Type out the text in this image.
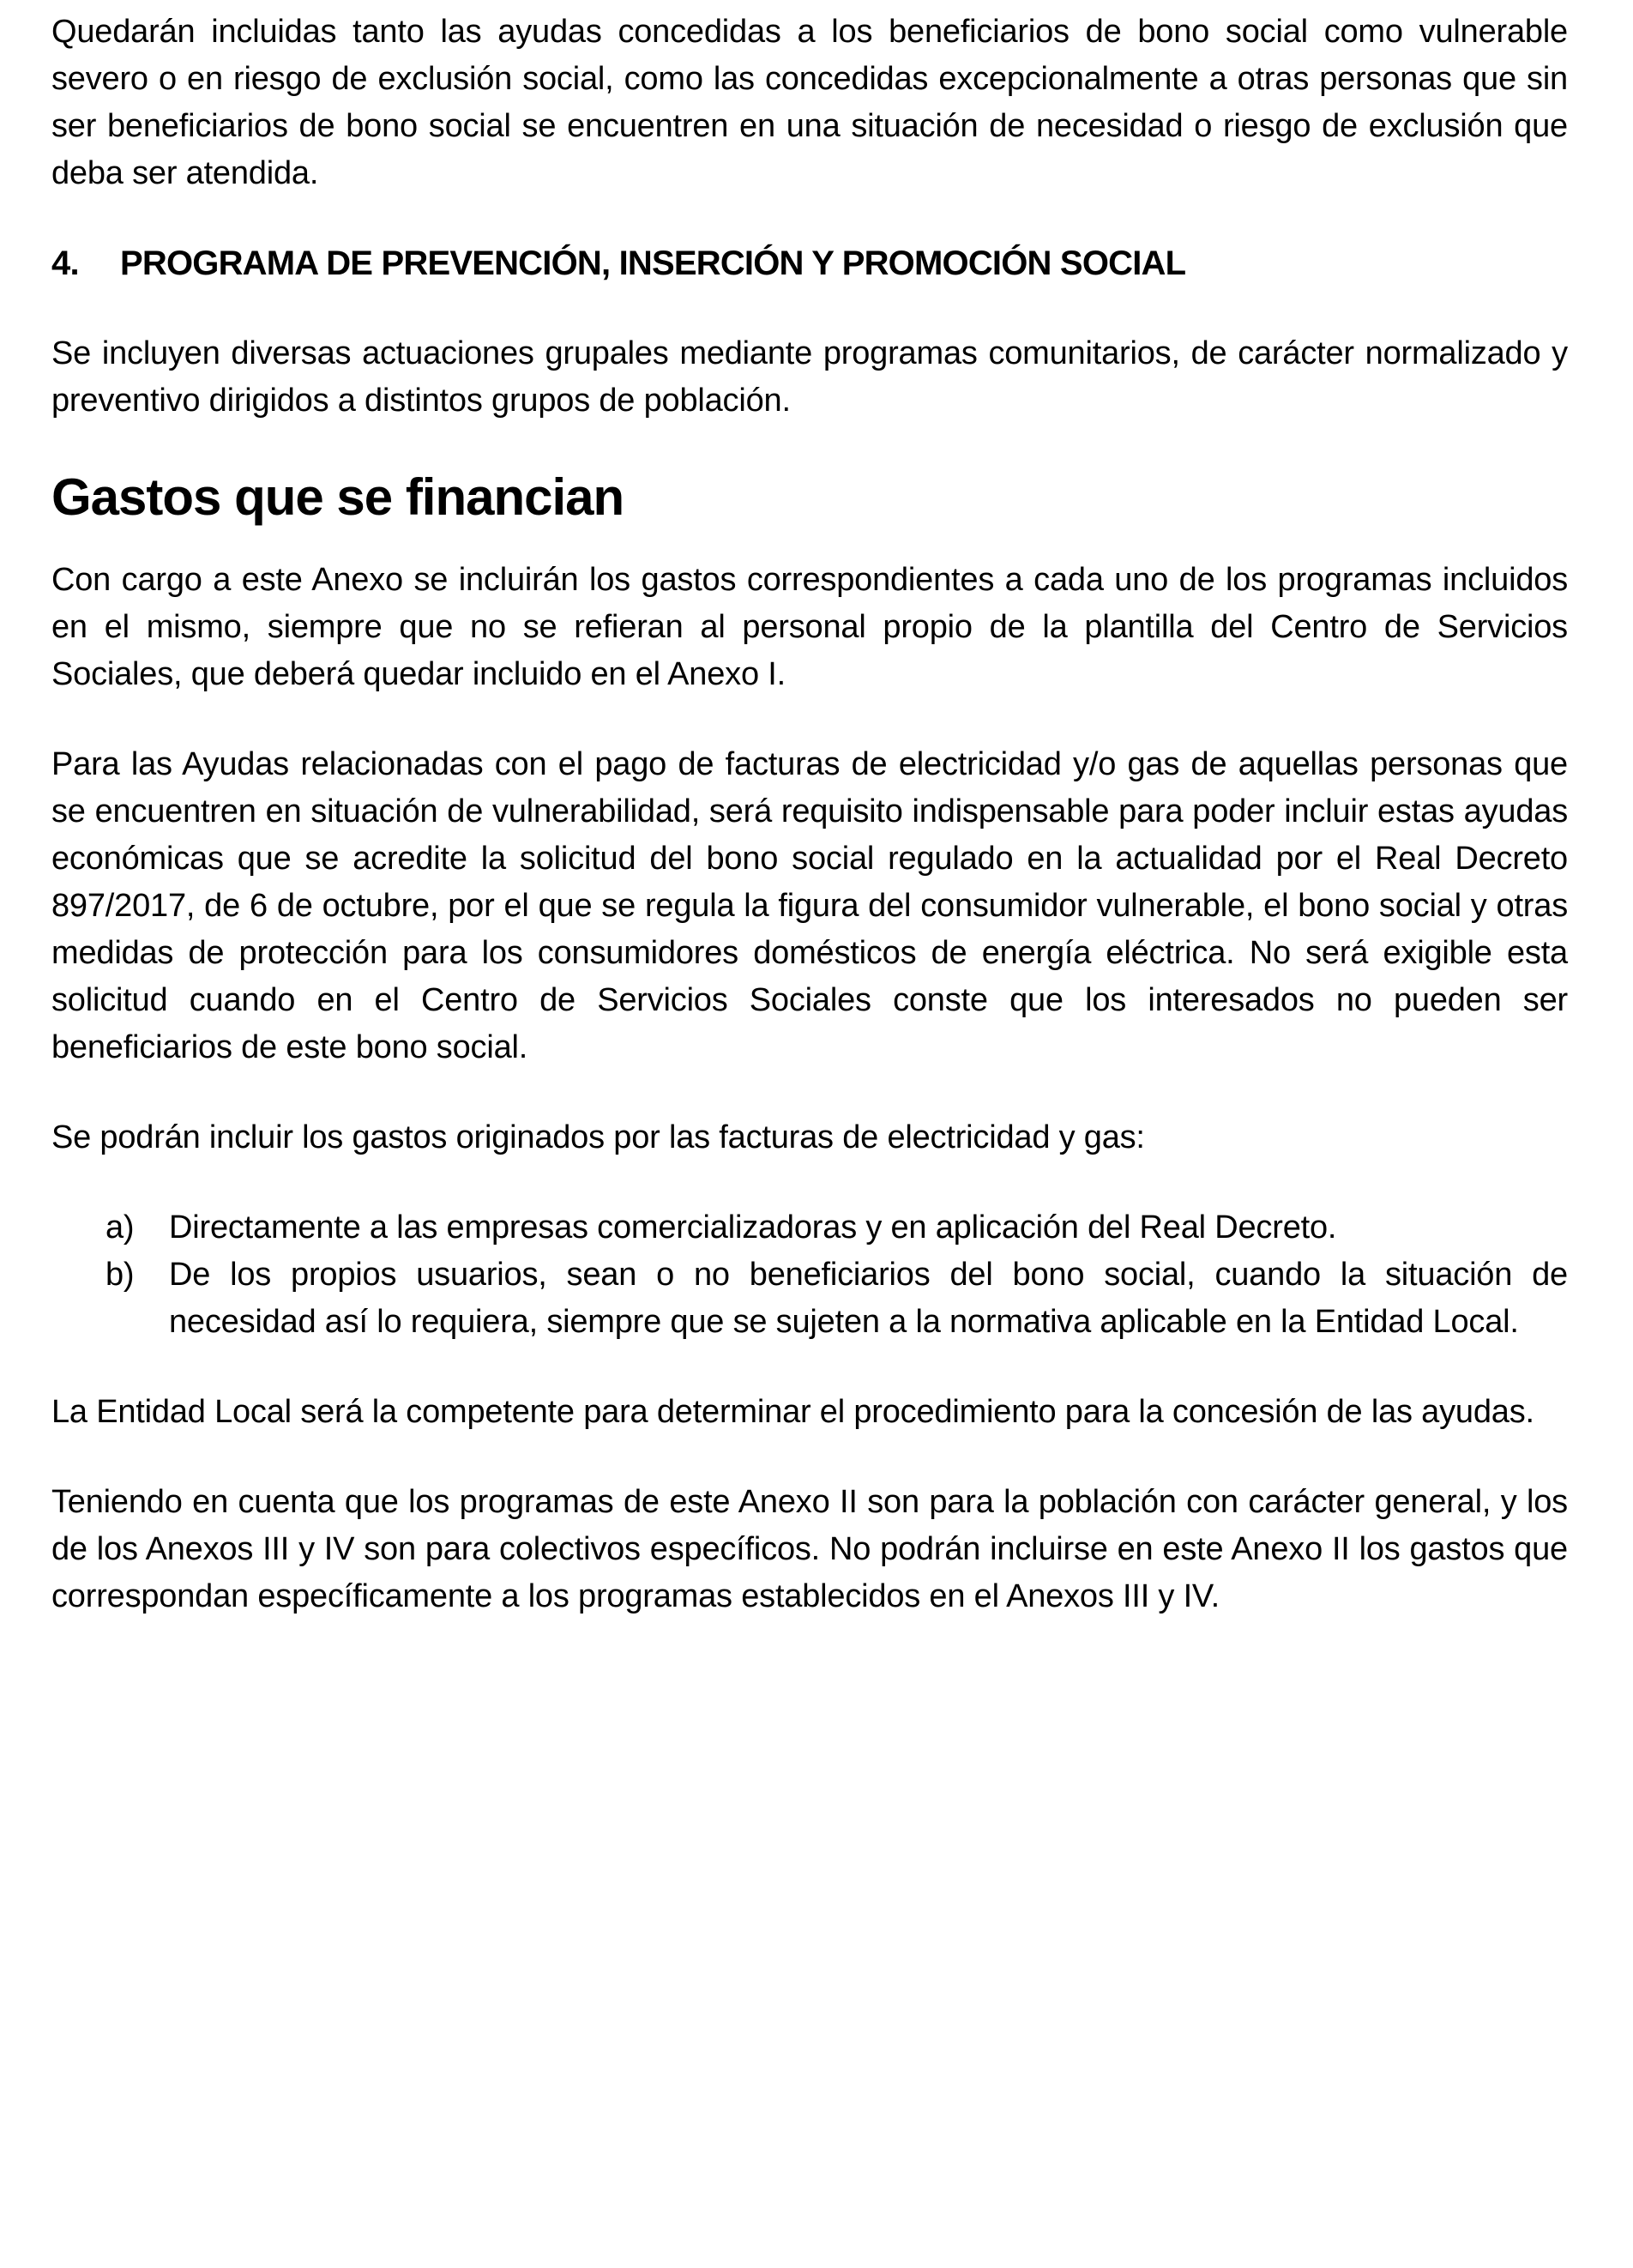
Quedarán incluidas tanto las ayudas concedidas a los beneficiarios de bono social como vulnerable severo o en riesgo de exclusión social, como las concedidas excepcionalmente a otras personas que sin ser beneficiarios de bono social se encuentren en una situación de necesidad o riesgo de exclusión que deba ser atendida.

4. PROGRAMA DE PREVENCIÓN, INSERCIÓN Y PROMOCIÓN SOCIAL

Se incluyen diversas actuaciones grupales mediante programas comunitarios, de carácter normalizado y preventivo dirigidos a distintos grupos de población.

Gastos que se financian

Con cargo a este Anexo se incluirán los gastos correspondientes a cada uno de los programas incluidos en el mismo, siempre que no se refieran al personal propio de la plantilla del Centro de Servicios Sociales, que deberá quedar incluido en el Anexo I.

Para las Ayudas relacionadas con el pago de facturas de electricidad y/o gas de aquellas personas que se encuentren en situación de vulnerabilidad, será requisito indispensable para poder incluir estas ayudas económicas que se acredite la solicitud del bono social regulado en la actualidad por el Real Decreto 897/2017, de 6 de octubre, por el que se regula la figura del consumidor vulnerable, el bono social y otras medidas de protección para los consumidores domésticos de energía eléctrica. No será exigible esta solicitud cuando en el Centro de Servicios Sociales conste que los interesados no pueden ser beneficiarios de este bono social.

Se podrán incluir los gastos originados por las facturas de electricidad y gas:

a) Directamente a las empresas comercializadoras y en aplicación del Real Decreto.
b) De los propios usuarios, sean o no beneficiarios del bono social, cuando la situación de necesidad así lo requiera, siempre que se sujeten a la normativa aplicable en la Entidad Local.

La Entidad Local será la competente para determinar el procedimiento para la concesión de las ayudas.

Teniendo en cuenta que los programas de este Anexo II son para la población con carácter general, y los de los Anexos III y IV son para colectivos específicos. No podrán incluirse en este Anexo II los gastos que correspondan específicamente a los programas establecidos en el Anexos III y IV.
